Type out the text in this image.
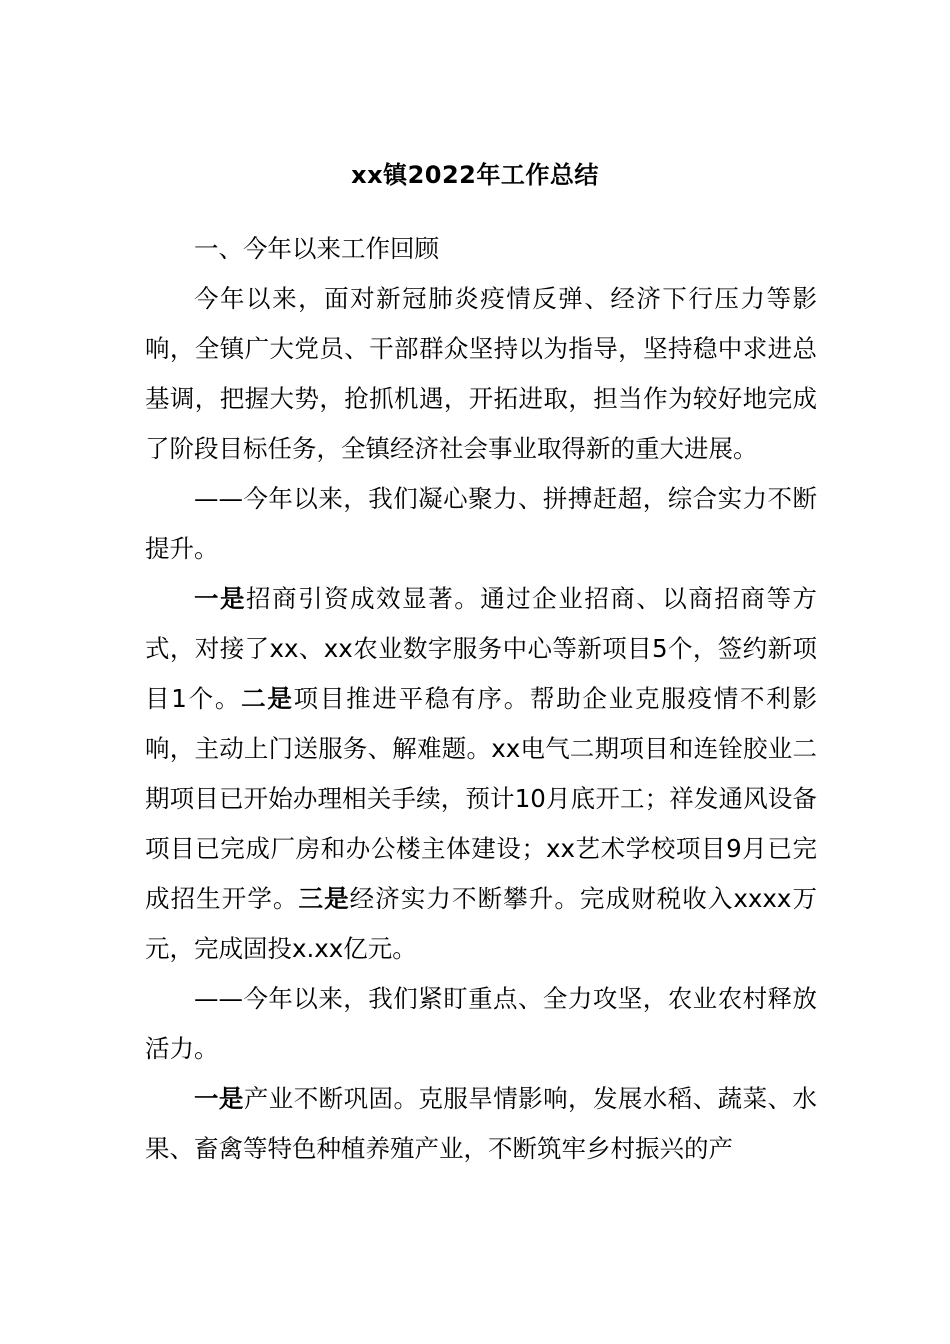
xx镇2022年工作总结

一、今年以来工作回顾

今年以来，面对新冠肺炎疫情反弹、经济下行压力等影响，全镇广大党员、干部群众坚持以为指导，坚持稳中求进总基调，把握大势，抢抓机遇，开拓进取，担当作为较好地完成了阶段目标任务，全镇经济社会事业取得新的重大进展。

——今年以来，我们凝心聚力、拼搏赶超，综合实力不断提升。

一是招商引资成效显著。通过企业招商、以商招商等方式，对接了xx、xx农业数字服务中心等新项目5个，签约新项目1个。二是项目推进平稳有序。帮助企业克服疫情不利影响，主动上门送服务、解难题。xx电气二期项目和连铨胶业二期项目已开始办理相关手续，预计10月底开工；祥发通风设备项目已完成厂房和办公楼主体建设；xx艺术学校项目9月已完成招生开学。三是经济实力不断攀升。完成财税收入xxxx万元，完成固投x.xx亿元。

——今年以来，我们紧盯重点、全力攻坚，农业农村释放活力。

一是产业不断巩固。克服旱情影响，发展水稻、蔬菜、水果、畜禽等特色种植养殖产业，不断筑牢乡村振兴的产
